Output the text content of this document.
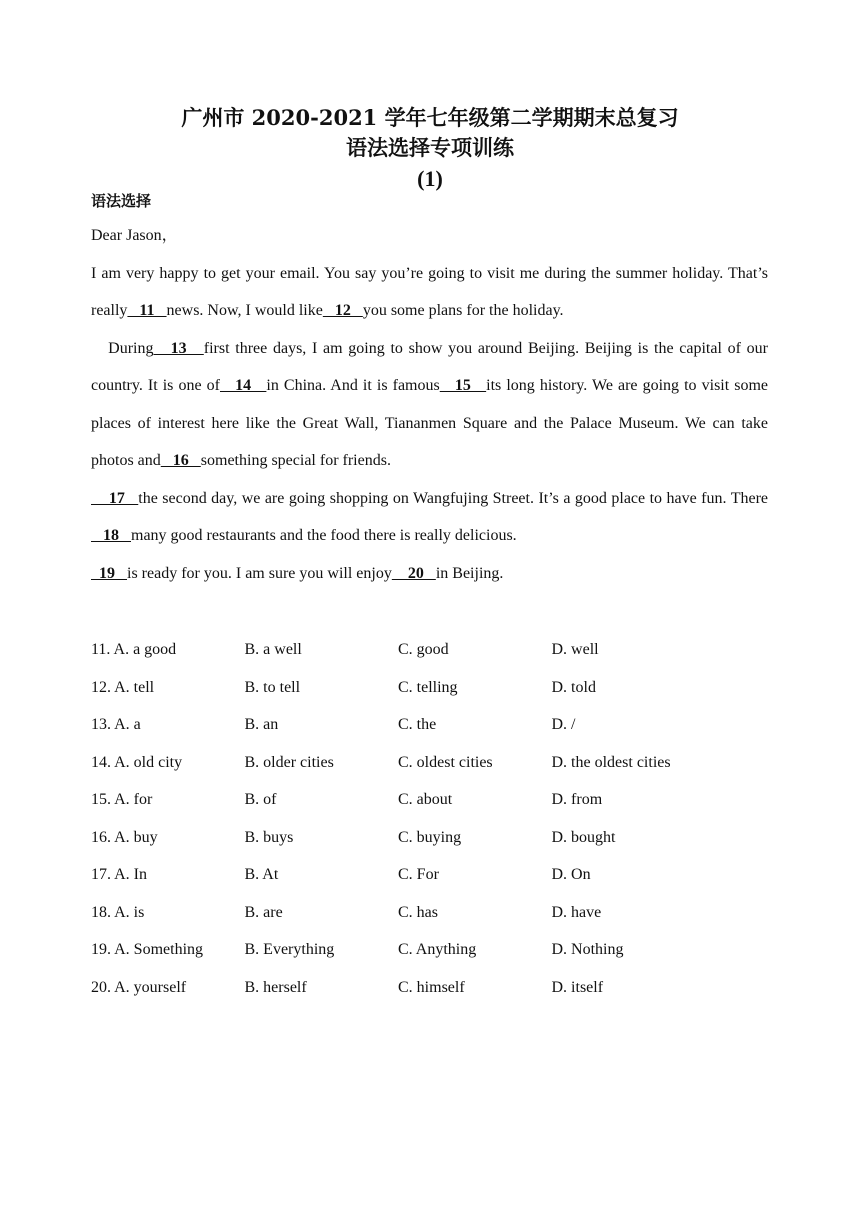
广州市 2020-2021 学年七年级第二学期期末总复习
语法选择专项训练
(1)
语法选择

Dear Jason，

I am very happy to get your email. You say you’re going to visit me during the summer holiday. That’s really   11   news. Now, I would like   12   you some plans for the holiday.

During   13   first three days, I am going to show you around Beijing. Beijing is the capital of our country. It is one of   14   in China. And it is famous   15   its long history. We are going to visit some places of interest here like the Great Wall, Tiananmen Square and the Palace Museum. We can take photos and   16   something special for friends.

17   the second day, we are going shopping on Wangfujing Street. It’s a good place to have fun. There   18   many good restaurants and the food there is really delicious.

19   is ready for you. I am sure you will enjoy    20   in Beijing.

11. A. a good	B. a well	C. good	D. well
12. A. tell	B. to tell	C. telling	D. told
13. A. a	B. an	C. the	D. /
14. A. old city	B. older cities	C. oldest cities	D. the oldest cities
15. A. for	B. of	C. about	D. from
16. A. buy	B. buys	C. buying	D. bought
17. A. In	B. At	C. For	D. On
18. A. is	B. are	C. has	D. have
19. A. Something	B. Everything	C. Anything	D. Nothing
20. A. yourself	B. herself	C. himself	D. itself
